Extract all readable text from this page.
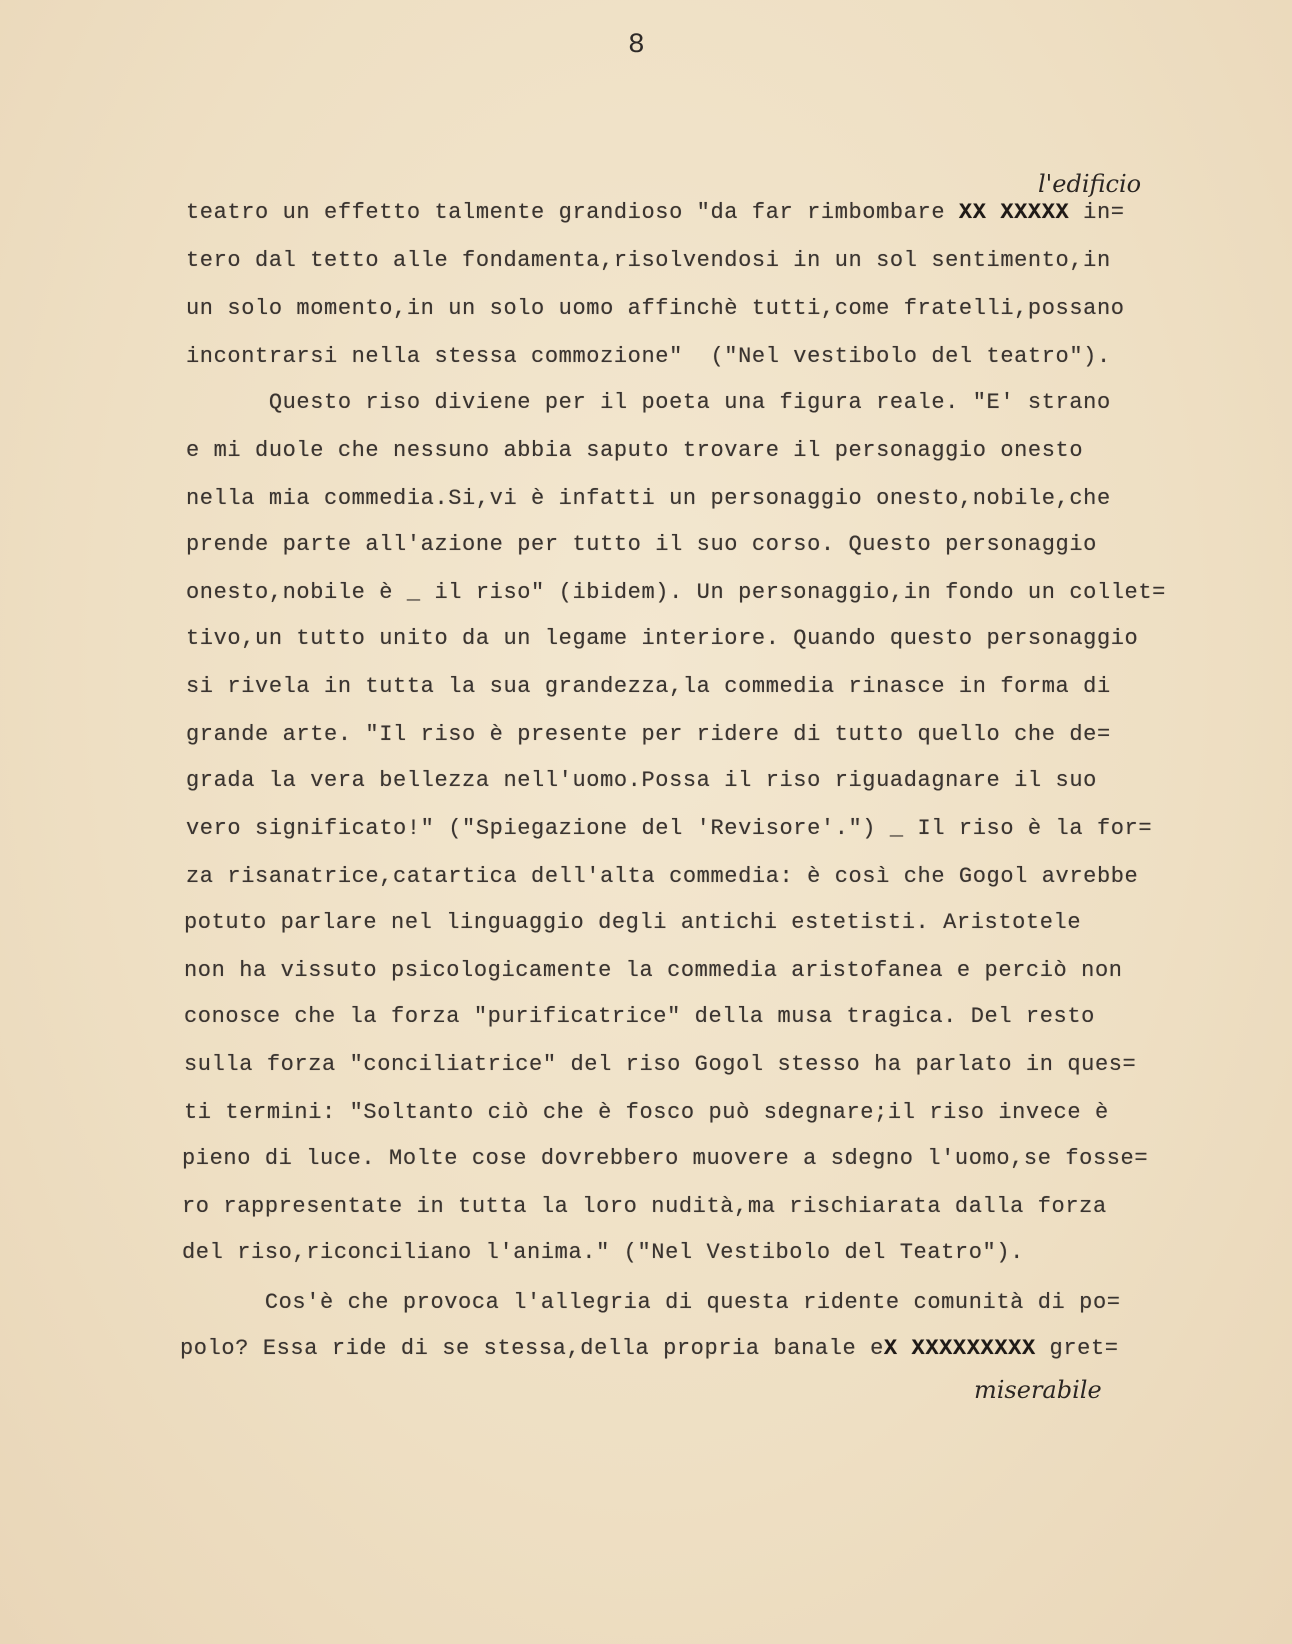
8
l'edificio
miserabile
teatro un effetto talmente grandioso "da far rimbombare XX XXXXX in=
tero dal tetto alle fondamenta,risolvendosi in un sol sentimento,in
un solo momento,in un solo uomo affinchè tutti,come fratelli,possano
incontrarsi nella stessa commozione"  ("Nel vestibolo del teatro").
Questo riso diviene per il poeta una figura reale. "E' strano
e mi duole che nessuno abbia saputo trovare il personaggio onesto
nella mia commedia.Si,vi è infatti un personaggio onesto,nobile,che
prende parte all'azione per tutto il suo corso. Questo personaggio
onesto,nobile è _ il riso" (ibidem). Un personaggio,in fondo un collet=
tivo,un tutto unito da un legame interiore. Quando questo personaggio
si rivela in tutta la sua grandezza,la commedia rinasce in forma di
grande arte. "Il riso è presente per ridere di tutto quello che de=
grada la vera bellezza nell'uomo.Possa il riso riguadagnare il suo
vero significato!" ("Spiegazione del 'Revisore'.") _ Il riso è la for=
za risanatrice,catartica dell'alta commedia: è così che Gogol avrebbe
potuto parlare nel linguaggio degli antichi estetisti. Aristotele
non ha vissuto psicologicamente la commedia aristofanea e perciò non
conosce che la forza "purificatrice" della musa tragica. Del resto
sulla forza "conciliatrice" del riso Gogol stesso ha parlato in ques=
ti termini: "Soltanto ciò che è fosco può sdegnare;il riso invece è
pieno di luce. Molte cose dovrebbero muovere a sdegno l'uomo,se fosse=
ro rappresentate in tutta la loro nudità,ma rischiarata dalla forza
del riso,riconciliano l'anima." ("Nel Vestibolo del Teatro").
Cos'è che provoca l'allegria di questa ridente comunità di po=
polo? Essa ride di se stessa,della propria banale eX XXXXXXXXX gret=
